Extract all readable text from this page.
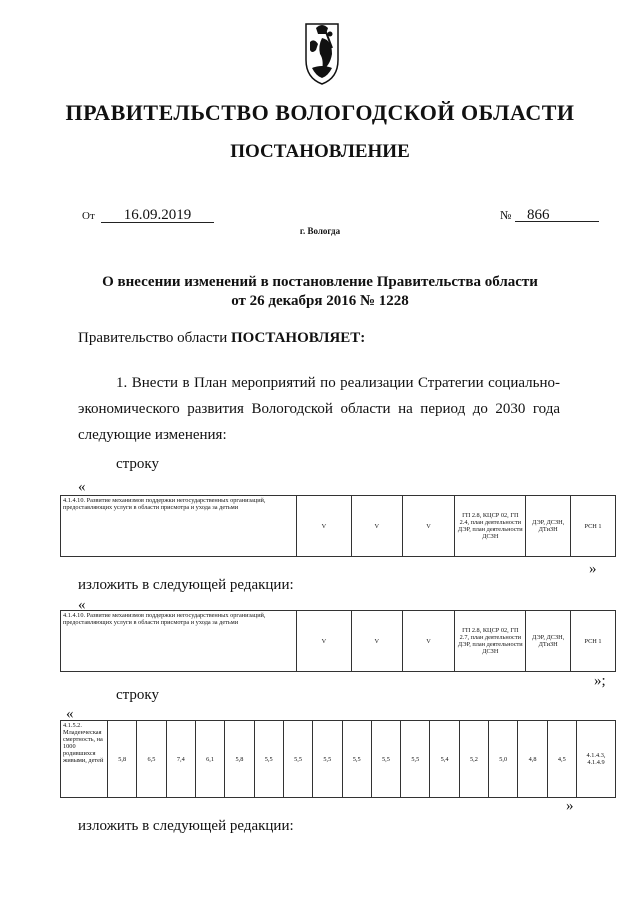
ПРАВИТЕЛЬСТВО ВОЛОГОДСКОЙ ОБЛАСТИ
ПОСТАНОВЛЕНИЕ
От	16.09.2019	№	866
г. Вологда
О внесении изменений в постановление Правительства области
от 26 декабря 2016 № 1228
Правительство области ПОСТАНОВЛЯЕТ:
1. Внести в План мероприятий по реализации Стратегии социально-экономического развития Вологодской области на период до 2030 года следующие изменения:
строку
«
4.1.4.10. Развитие механизмов поддержки негосударственных организаций, предоставляющих услуги в области присмотра и ухода за детьми	V	V	V	ГП 2.8, КЦСР 02, ГП 2.4, план деятельности ДЭР, план деятельности ДСЗН	ДЭР, ДСЗН, ДТиЗН	РСН 1
»
изложить в следующей редакции:
«
4.1.4.10. Развитие механизмов поддержки негосударственных организаций, предоставляющих услуги в области присмотра и ухода за детьми	V	V	V	ГП 2.8, КЦСР 02, ГП 2.7, план деятельности ДЭР, план деятельности ДСЗН	ДЭР, ДСЗН, ДТиЗН	РСН 1
»;
строку
«
4.1.5.2. Младенческая смертность, на 1000 родившихся живыми, детей	5,8	6,5	7,4	6,1	5,8	5,5	5,5	5,5	5,5	5,5	5,5	5,4	5,2	5,0	4,8	4,5	4.1.4.3, 4.1.4.9
»
изложить в следующей редакции:
